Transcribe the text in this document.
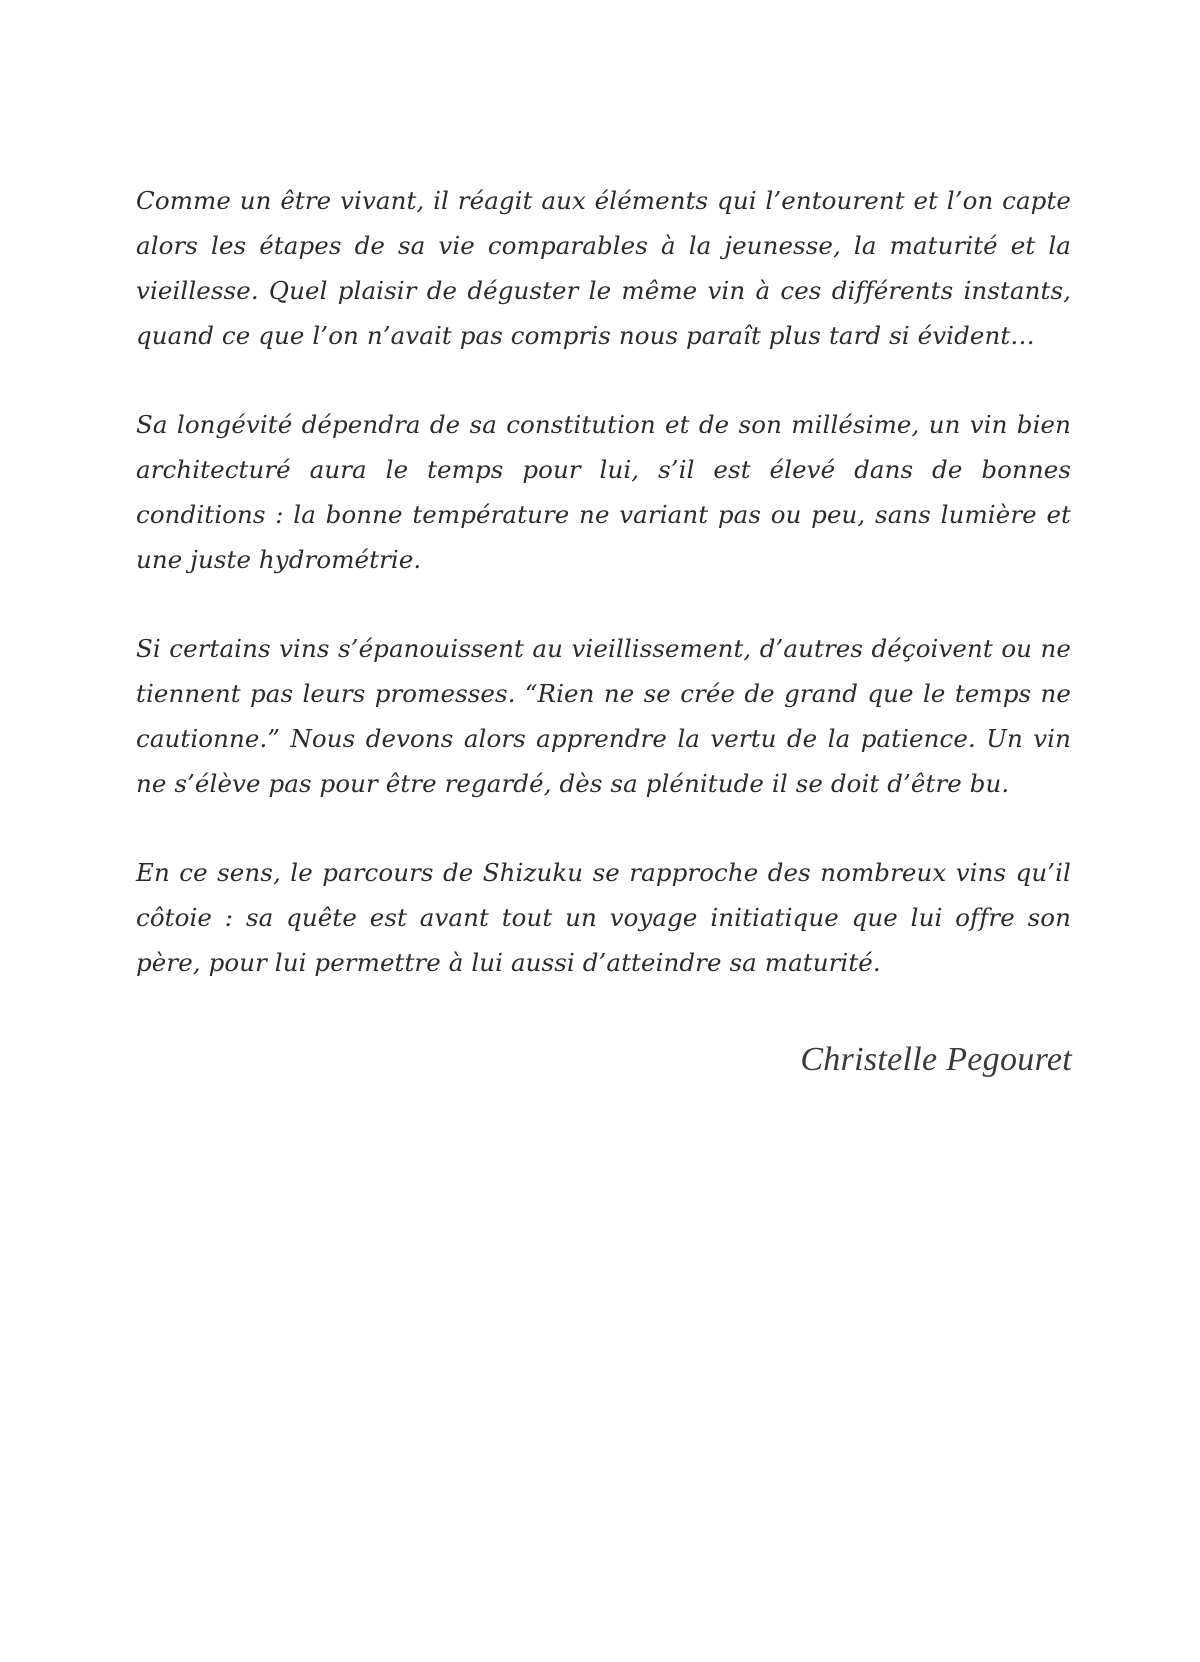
Comme un être vivant, il réagit aux éléments qui l’entourent et l’on capte alors les étapes de sa vie comparables à la jeunesse, la maturité et la vieillesse. Quel plaisir de déguster le même vin à ces différents instants, quand ce que l’on n’avait pas compris nous paraît plus tard si évident…

Sa longévité dépendra de sa constitution et de son millésime, un vin bien architecturé aura le temps pour lui, s’il est élevé dans de bonnes conditions : la bonne température ne variant pas ou peu, sans lumière et une juste hydrométrie.

Si certains vins s’épanouissent au vieillissement, d’autres déçoivent ou ne tiennent pas leurs promesses. “Rien ne se crée de grand que le temps ne cautionne.” Nous devons alors apprendre la vertu de la patience. Un vin ne s’élève pas pour être regardé, dès sa plénitude il se doit d’être bu.

En ce sens, le parcours de Shizuku se rapproche des nombreux vins qu’il côtoie : sa quête est avant tout un voyage initiatique que lui offre son père, pour lui permettre à lui aussi d’atteindre sa maturité.

Christelle Pegouret
